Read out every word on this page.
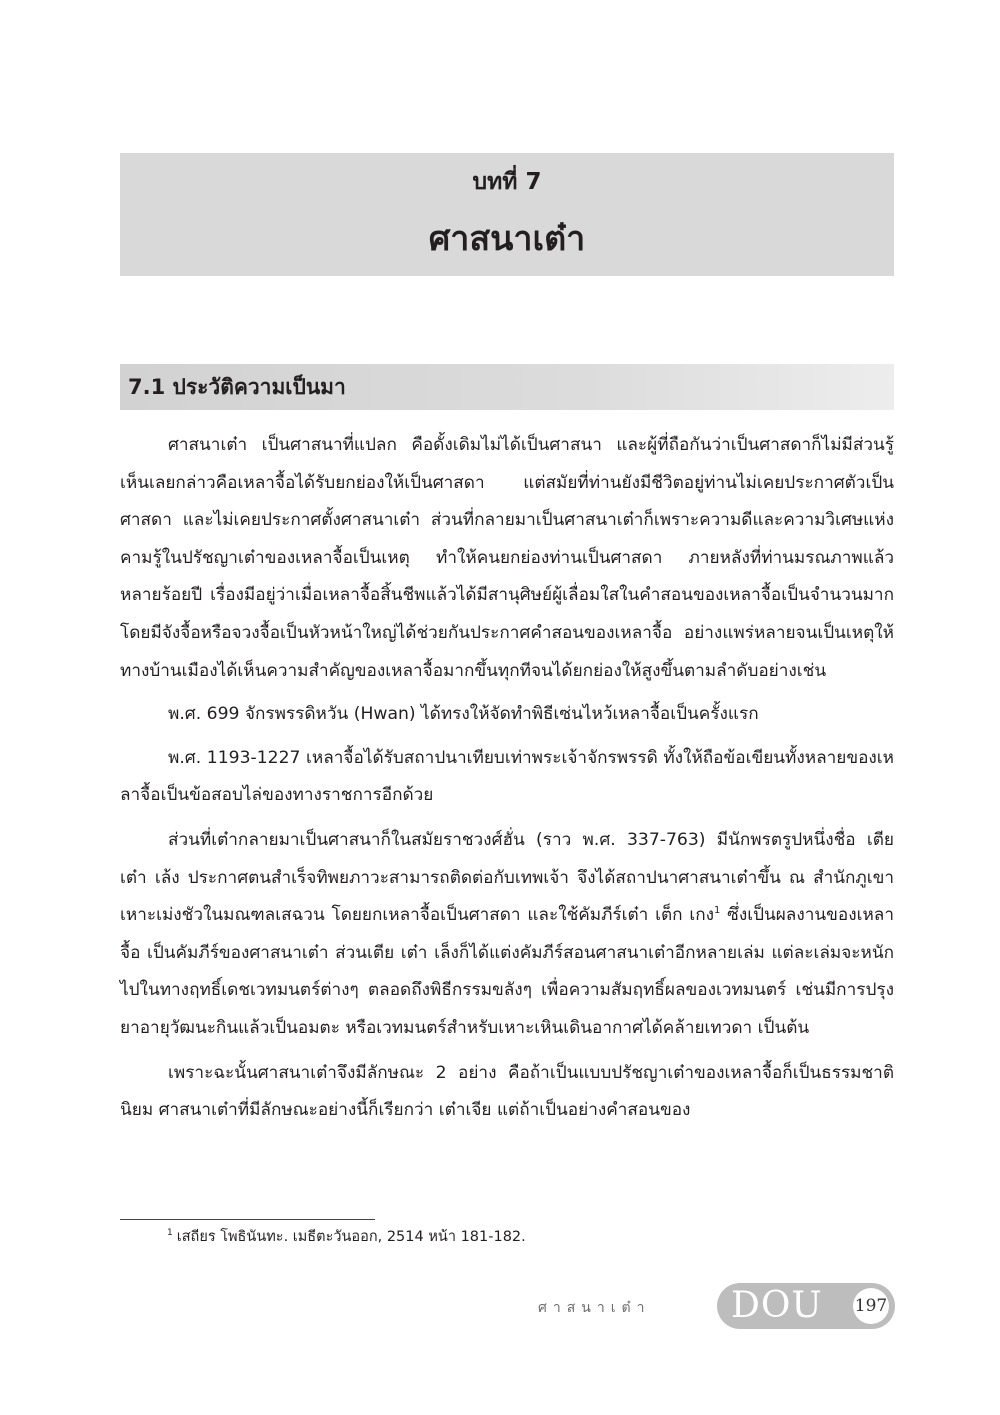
บทที่ 7
ศาสนาเต๋า
7.1 ประวัติความเป็นมา

ศาสนาเต๋า เป็นศาสนาที่แปลก คือดั้งเดิมไม่ได้เป็นศาสนา และผู้ที่ถือกันว่าเป็นศาสดาก็ไม่มีส่วนรู้เห็นเลยกล่าวคือเหลาจื้อได้รับยกย่องให้เป็นศาสดา แต่สมัยที่ท่านยังมีชีวิตอยู่ท่านไม่เคยประกาศตัวเป็นศาสดา และไม่เคยประกาศตั้งศาสนาเต๋า ส่วนที่กลายมาเป็นศาสนาเต๋าก็เพราะความดีและความวิเศษแห่งคามรู้ในปรัชญาเต๋าของเหลาจื้อเป็นเหตุ ทำให้คนยกย่องท่านเป็นศาสดา ภายหลังที่ท่านมรณภาพแล้วหลายร้อยปี เรื่องมีอยู่ว่าเมื่อเหลาจื้อสิ้นชีพแล้วได้มีสานุศิษย์ผู้เลื่อมใสในคำสอนของเหลาจื้อเป็นจำนวนมาก โดยมีจังจื้อหรือจวงจื้อเป็นหัวหน้าใหญ่ได้ช่วยกันประกาศคำสอนของเหลาจื้อ อย่างแพร่หลายจนเป็นเหตุให้ทางบ้านเมืองได้เห็นความสำคัญของเหลาจื้อมากขึ้นทุกทีจนได้ยกย่องให้สูงขึ้นตามลำดับอย่างเช่น

พ.ศ. 699 จักรพรรดิหวัน (Hwan) ได้ทรงให้จัดทำพิธีเซ่นไหว้เหลาจื้อเป็นครั้งแรก

พ.ศ. 1193-1227 เหลาจื้อได้รับสถาปนาเทียบเท่าพระเจ้าจักรพรรดิ ทั้งให้ถือข้อเขียนทั้งหลายของเหลาจื้อเป็นข้อสอบไล่ของทางราชการอีกด้วย

ส่วนที่เต๋ากลายมาเป็นศาสนาก็ในสมัยราชวงศ์ฮั่น (ราว พ.ศ. 337-763) มีนักพรตรูปหนึ่งชื่อ เตีย เต๋า เล้ง ประกาศตนสำเร็จทิพยภาวะสามารถติดต่อกับเทพเจ้า จึงได้สถาปนาศาสนาเต๋าขึ้น ณ สำนักภูเขาเหาะเม่งชัวในมณฑลเสฉวน โดยยกเหลาจื้อเป็นศาสดา และใช้คัมภีร์เต๋า เต็ก เกง$^1$ ซึ่งเป็นผลงานของเหลาจื้อ เป็นคัมภีร์ของศาสนาเต๋า ส่วนเตีย เต๋า เล็งก็ได้แต่งคัมภีร์สอนศาสนาเต๋าอีกหลายเล่ม แต่ละเล่มจะหนักไปในทางฤทธิ์เดชเวทมนตร์ต่างๆ ตลอดถึงพิธีกรรมขลังๆ เพื่อความสัมฤทธิ์ผลของเวทมนตร์ เช่นมีการปรุงยาอายุวัฒนะกินแล้วเป็นอมตะ หรือเวทมนตร์สำหรับเหาะเหินเดินอากาศได้คล้ายเทวดา เป็นต้น

เพราะฉะนั้นศาสนาเต๋าจึงมีลักษณะ 2 อย่าง คือถ้าเป็นแบบปรัชญาเต๋าของเหลาจื้อก็เป็นธรรมชาตินิยม ศาสนาเต๋าที่มีลักษณะอย่างนี้ก็เรียกว่า เต๋าเจีย แต่ถ้าเป็นอย่างคำสอนของ

$^1$ เสถียร โพธินันทะ. เมธีตะวันออก, 2514 หน้า 181-182.
ศาสนาเต๋า DOU 197
